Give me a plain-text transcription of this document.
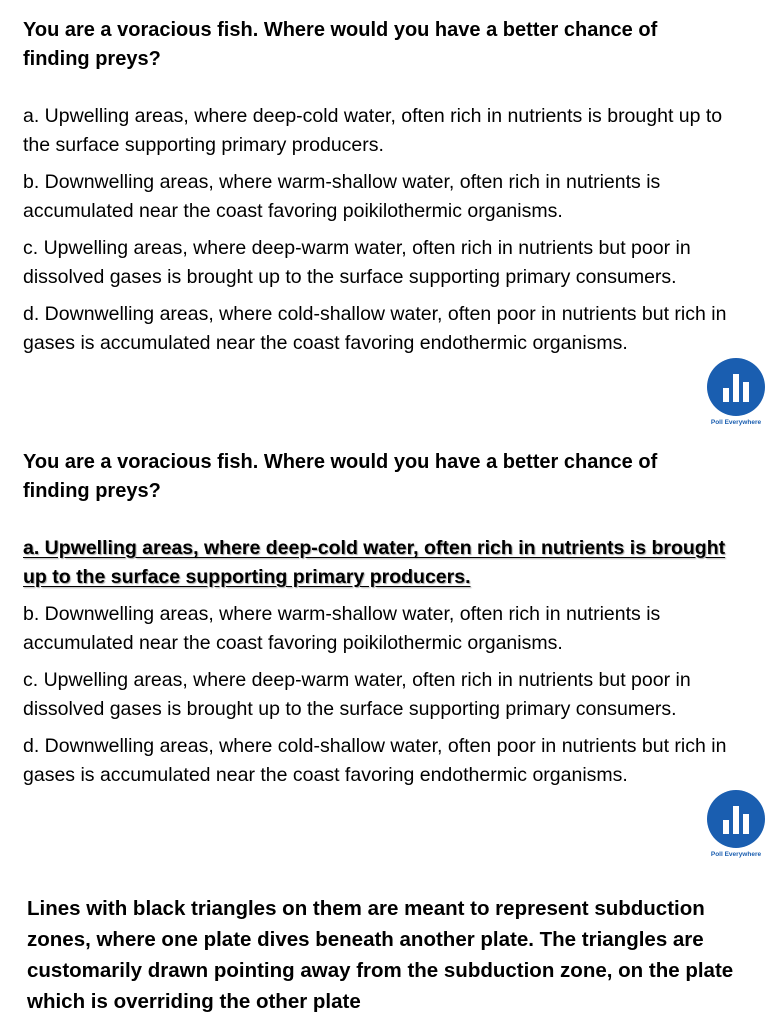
You are a voracious fish. Where would you have a better chance of finding preys?

a. Upwelling areas, where deep-cold water, often rich in nutrients is brought up to the surface supporting primary producers.
b. Downwelling areas, where warm-shallow water, often rich in nutrients is accumulated near the coast favoring poikilothermic organisms.
c. Upwelling areas, where deep-warm water, often rich in nutrients but poor in dissolved gases is brought up to the surface supporting primary consumers.
d. Downwelling areas, where cold-shallow water, often poor in nutrients but rich in gases is accumulated near the coast favoring endothermic organisms.
Poll Everywhere

You are a voracious fish. Where would you have a better chance of finding preys?

a. Upwelling areas, where deep-cold water, often rich in nutrients is brought up to the surface supporting primary producers.
b. Downwelling areas, where warm-shallow water, often rich in nutrients is accumulated near the coast favoring poikilothermic organisms.
c. Upwelling areas, where deep-warm water, often rich in nutrients but poor in dissolved gases is brought up to the surface supporting primary consumers.
d. Downwelling areas, where cold-shallow water, often poor in nutrients but rich in gases is accumulated near the coast favoring endothermic organisms.
Poll Everywhere

Lines with black triangles on them are meant to represent subduction zones, where one plate dives beneath another plate. The triangles are customarily drawn pointing away from the subduction zone, on the plate which is overriding the other plate
